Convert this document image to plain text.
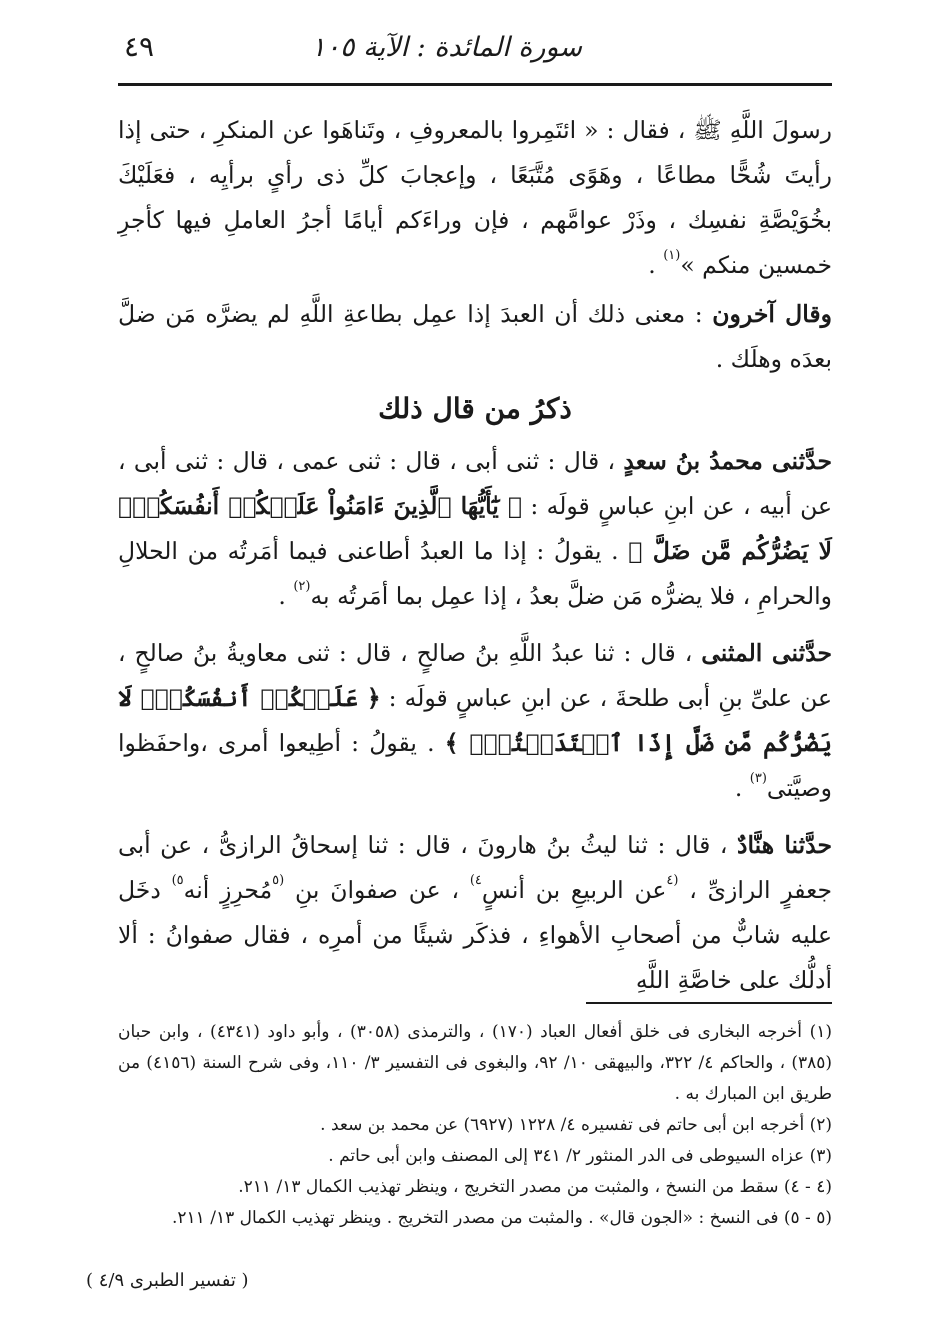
سورة المائدة : الآية ١٠٥
٤٩

رسولَ اللَّهِ ﷺ ، فقال : « ائتَمِروا بالمعروفِ ، وتَناهَوا عن المنكرِ ، حتى إذا رأيتَ شُحًّا مطاعًا ، وهَوًى مُتَّبَعًا ، وإعجابَ كلِّ ذى رأىٍ برأيِه ، فعَلَيْكَ بخُوَيْصَّةِ نفسِك ، وذَرْ عوامَّهم ، فإن وراءَكم أيامًا أجرُ العاملِ فيها كأجرِ خمسين منكم »$^{(١)}$ .

وقال آخرون : معنى ذلك أن العبدَ إذا عمِل بطاعةِ اللَّهِ لم يضرَّه مَن ضلَّ بعدَه وهلَك .

ذكرُ من قال ذلك

حدَّثنى محمدُ بنُ سعدٍ ، قال : ثنى أبى ، قال : ثنى عمى ، قال : ثنى أبى ، عن أبيه ، عن ابنِ عباسٍ قولَه : ﴿ يَٰٓأَيُّهَا ٱلَّذِينَ ءَامَنُواْ عَلَيۡكُمۡ أَنفُسَكُمۡۖ لَا يَضُرُّكُم مَّن ضَلَّ ﴾ . يقولُ : إذا ما العبدُ أطاعنى فيما أمَرتُه من الحلالِ والحرامِ ، فلا يضرُّه مَن ضلَّ بعدُ ، إذا عمِل بما أمَرتُه به$^{(٢)}$ .

حدَّثنى المثنى ، قال : ثنا عبدُ اللَّهِ بنُ صالحٍ ، قال : ثنى معاويةُ بنُ صالحٍ ، عن علىِّ بنِ أبى طلحةَ ، عن ابنِ عباسٍ قولَه : ﴿ عَلَيۡكُمۡ أَنفُسَكُمۡۖ لَا يَضُرُّكُم مَّن ضَلَّ إِذَا ٱهۡتَدَيۡتُمۡۚ ﴾ . يقولُ : أطِيعوا أمرى ،واحفَظوا وصيَّتى$^{(٣)}$ .

حدَّثنا هنَّادٌ ، قال : ثنا ليثُ بنُ هارونَ ، قال : ثنا إسحاقُ الرازىُّ ، عن أبى جعفرٍ الرازىِّ ، $^{(٤}$عن الربيعِ بن أنسٍ$^{٤)}$ ، عن صفوانَ بنِ $^{(٥}$مُحرِزٍ أنه$^{٥)}$ دخَل عليه شابٌّ من أصحابِ الأهواءِ ، فذكَر شيئًا من أمرِه ، فقال صفوانُ : ألا أدلُّك على خاصَّةِ اللَّهِ

(١) أخرجه البخارى فى خلق أفعال العباد (١٧٠) ، والترمذى (٣٠٥٨) ، وأبو داود (٤٣٤١) ، وابن حبان (٣٨٥) ، والحاكم ٤/ ٣٢٢، والبيهقى ١٠/ ٩٢، والبغوى فى التفسير ٣/ ١١٠، وفى شرح السنة (٤١٥٦) من طريق ابن المبارك به .

(٢) أخرجه ابن أبى حاتم فى تفسيره ٤/ ١٢٢٨ (٦٩٢٧) عن محمد بن سعد .

(٣) عزاه السيوطى فى الدر المنثور ٢/ ٣٤١ إلى المصنف وابن أبى حاتم .

(٤ - ٤) سقط من النسخ ، والمثبت من مصدر التخريج ، وينظر تهذيب الكمال ١٣/ ٢١١.

(٥ - ٥) فى النسخ : «الجون قال» . والمثبت من مصدر التخريج . وينظر تهذيب الكمال ١٣/ ٢١١.

( تفسير الطبرى ٤/٩ )
